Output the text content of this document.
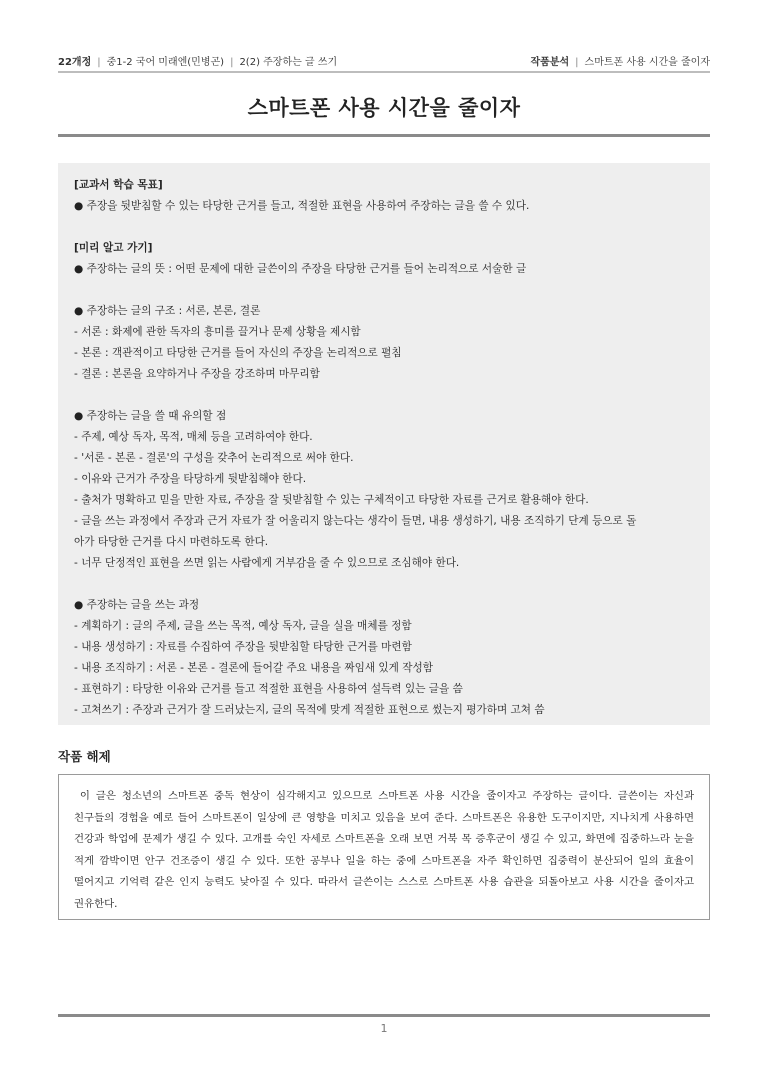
22개정 | 중1-2 국어 미래엔(민병곤) | 2(2) 주장하는 글 쓰기	작품분석 | 스마트폰 사용 시간을 줄이자
스마트폰 사용 시간을 줄이자
[교과서 학습 목표]
● 주장을 뒷받침할 수 있는 타당한 근거를 들고, 적절한 표현을 사용하여 주장하는 글을 쓸 수 있다.
[미리 알고 가기]
● 주장하는 글의 뜻 : 어떤 문제에 대한 글쓴이의 주장을 타당한 근거를 들어 논리적으로 서술한 글
● 주장하는 글의 구조 : 서론, 본론, 결론
- 서론 : 화제에 관한 독자의 흥미를 끌거나 문제 상황을 제시함
- 본론 : 객관적이고 타당한 근거를 들어 자신의 주장을 논리적으로 펼침
- 결론 : 본론을 요약하거나 주장을 강조하며 마무리함
● 주장하는 글을 쓸 때 유의할 점
- 주제, 예상 독자, 목적, 매체 등을 고려하여야 한다.
- '서론 - 본론 - 결론'의 구성을 갖추어 논리적으로 써야 한다.
- 이유와 근거가 주장을 타당하게 뒷받침해야 한다.
- 출처가 명확하고 믿을 만한 자료, 주장을 잘 뒷받침할 수 있는 구체적이고 타당한 자료를 근거로 활용해야 한다.
- 글을 쓰는 과정에서 주장과 근거 자료가 잘 어울리지 않는다는 생각이 들면, 내용 생성하기, 내용 조직하기 단계 등으로 돌
아가 타당한 근거를 다시 마련하도록 한다.
- 너무 단정적인 표현을 쓰면 읽는 사람에게 거부감을 줄 수 있으므로 조심해야 한다.
● 주장하는 글을 쓰는 과정
- 계획하기 : 글의 주제, 글을 쓰는 목적, 예상 독자, 글을 실을 매체를 정함
- 내용 생성하기 : 자료를 수집하여 주장을 뒷받침할 타당한 근거를 마련함
- 내용 조직하기 : 서론 - 본론 - 결론에 들어갈 주요 내용을 짜임새 있게 작성함
- 표현하기 : 타당한 이유와 근거를 들고 적절한 표현을 사용하여 설득력 있는 글을 씀
- 고쳐쓰기 : 주장과 근거가 잘 드러났는지, 글의 목적에 맞게 적절한 표현으로 썼는지 평가하며 고쳐 씀
작품 해제
이 글은 청소년의 스마트폰 중독 현상이 심각해지고 있으므로 스마트폰 사용 시간을 줄이자고 주장하는 글이다. 글쓴이는 자신과 친구들의 경험을 예로 들어 스마트폰이 일상에 큰 영향을 미치고 있음을 보여 준다. 스마트폰은 유용한 도구이지만, 지나치게 사용하면 건강과 학업에 문제가 생길 수 있다. 고개를 숙인 자세로 스마트폰을 오래 보면 거북 목 증후군이 생길 수 있고, 화면에 집중하느라 눈을 적게 깜박이면 안구 건조증이 생길 수 있다. 또한 공부나 일을 하는 중에 스마트폰을 자주 확인하면 집중력이 분산되어 일의 효율이 떨어지고 기억력 같은 인지 능력도 낮아질 수 있다. 따라서 글쓴이는 스스로 스마트폰 사용 습관을 되돌아보고 사용 시간을 줄이자고 권유한다.
1
